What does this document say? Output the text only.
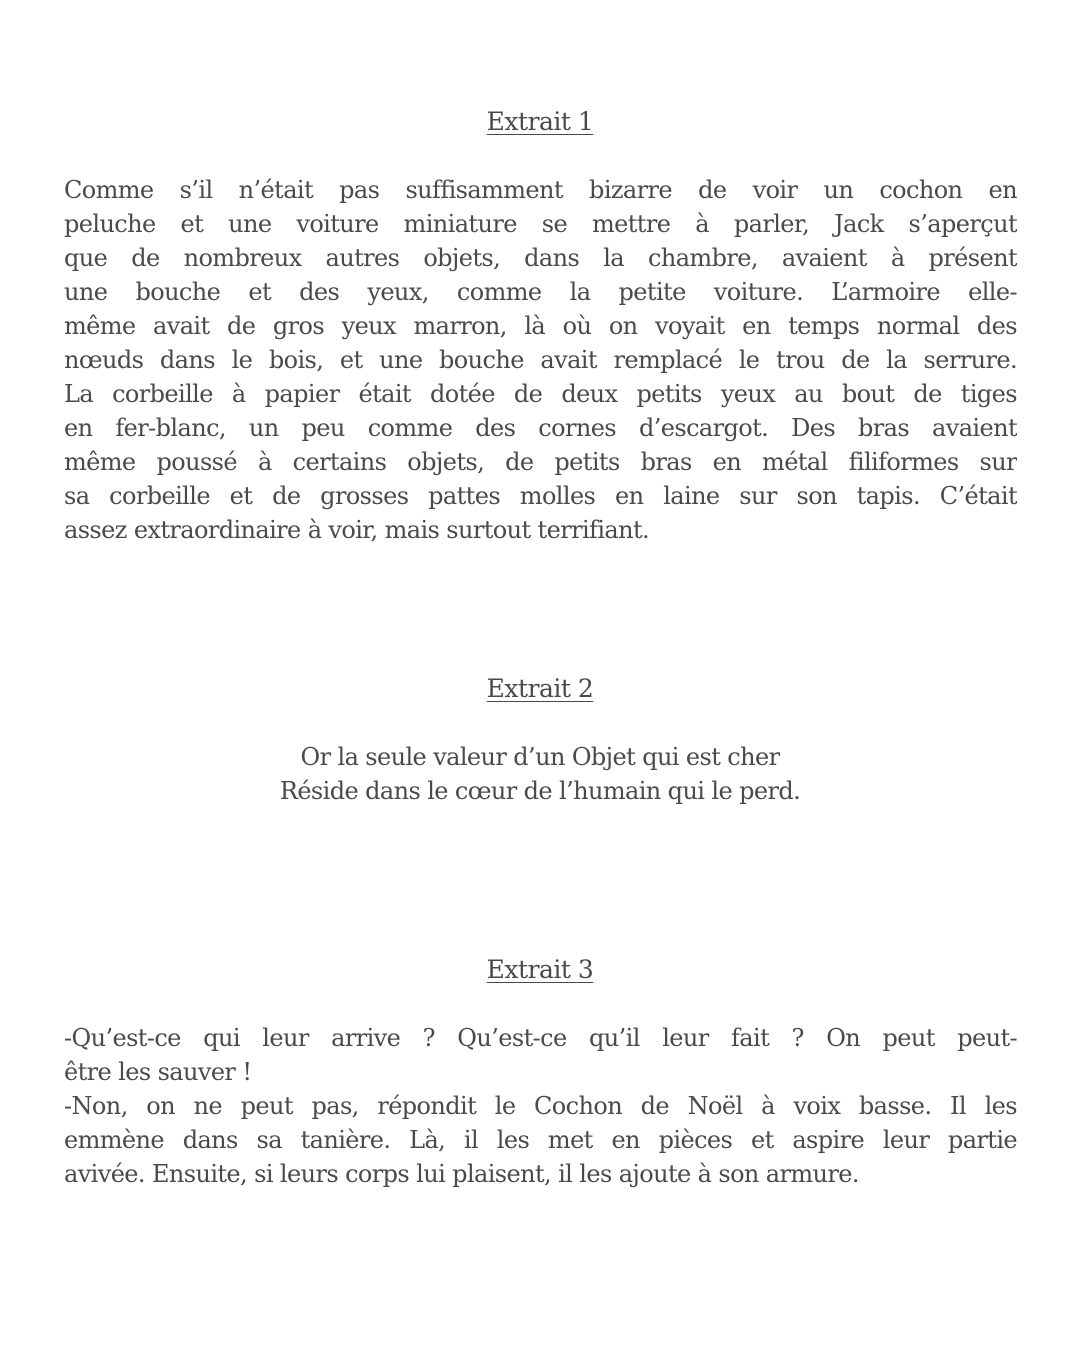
Extrait 1
Comme s’il n’était pas suffisamment bizarre de voir un cochon en
peluche et une voiture miniature se mettre à parler, Jack s’aperçut
que de nombreux autres objets, dans la chambre, avaient à présent
une bouche et des yeux, comme la petite voiture. L’armoire elle-
même avait de gros yeux marron, là où on voyait en temps normal des
nœuds dans le bois, et une bouche avait remplacé le trou de la serrure.
La corbeille à papier était dotée de deux petits yeux au bout de tiges
en fer-blanc, un peu comme des cornes d’escargot. Des bras avaient
même poussé à certains objets, de petits bras en métal filiformes sur
sa corbeille et de grosses pattes molles en laine sur son tapis. C’était
assez extraordinaire à voir, mais surtout terrifiant.
Extrait 2
Or la seule valeur d’un Objet qui est cher
Réside dans le cœur de l’humain qui le perd.
Extrait 3
-Qu’est-ce qui leur arrive ? Qu’est-ce qu’il leur fait ? On peut peut-
être les sauver !
-Non, on ne peut pas, répondit le Cochon de Noël à voix basse. Il les
emmène dans sa tanière. Là, il les met en pièces et aspire leur partie
avivée. Ensuite, si leurs corps lui plaisent, il les ajoute à son armure.
